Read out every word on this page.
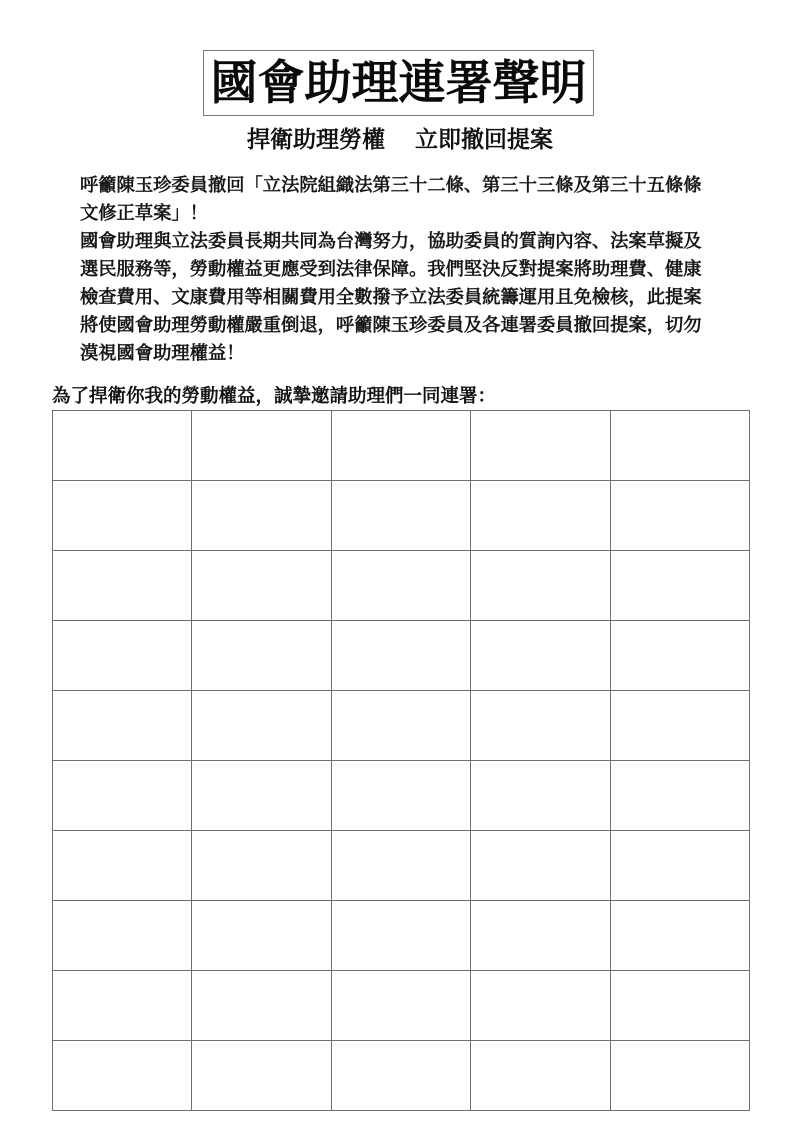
國會助理連署聲明
捍衛助理勞權 立即撤回提案

呼籲陳玉珍委員撤回「立法院組織法第三十二條、第三十三條及第三十五條條
文修正草案」！

國會助理與立法委員長期共同為台灣努力，協助委員的質詢內容、法案草擬及
選民服務等，勞動權益更應受到法律保障。我們堅決反對提案將助理費、健康
檢查費用、文康費用等相關費用全數撥予立法委員統籌運用且免檢核，此提案
將使國會助理勞動權嚴重倒退，呼籲陳玉珍委員及各連署委員撤回提案，切勿
漠視國會助理權益！

為了捍衛你我的勞動權益，誠摯邀請助理們一同連署：
